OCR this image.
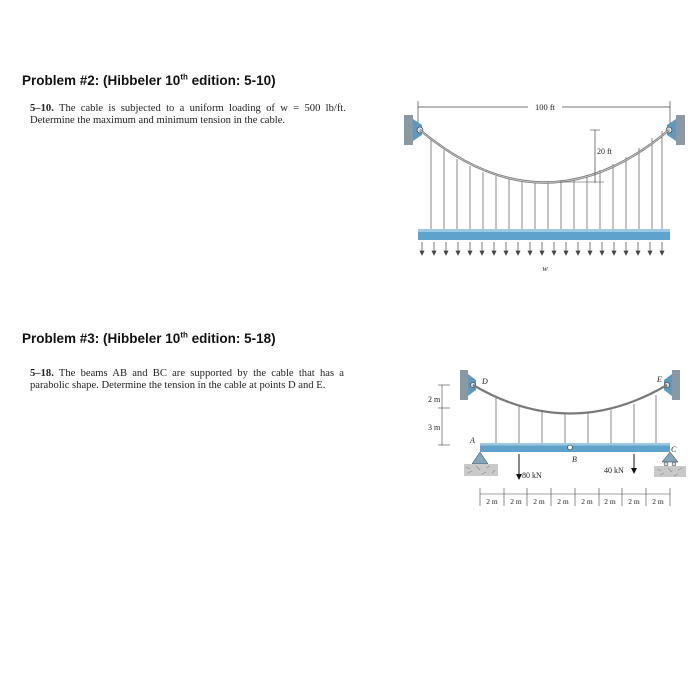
Problem #2: (Hibbeler 10th edition: 5-10)
5–10. The cable is subjected to a uniform loading of w = 500 lb/ft. Determine the maximum and minimum tension in the cable.
100 ft
20 ft
w
Problem #3: (Hibbeler 10th edition: 5-18)
5–18. The beams AB and BC are supported by the cable that has a parabolic shape. Determine the tension in the cable at points D and E.	D	E
2 m
3 m
A
B
C
80 kN
40 kN
2 m 2 m 2 m 2 m 2 m 2 m 2 m 2 m
